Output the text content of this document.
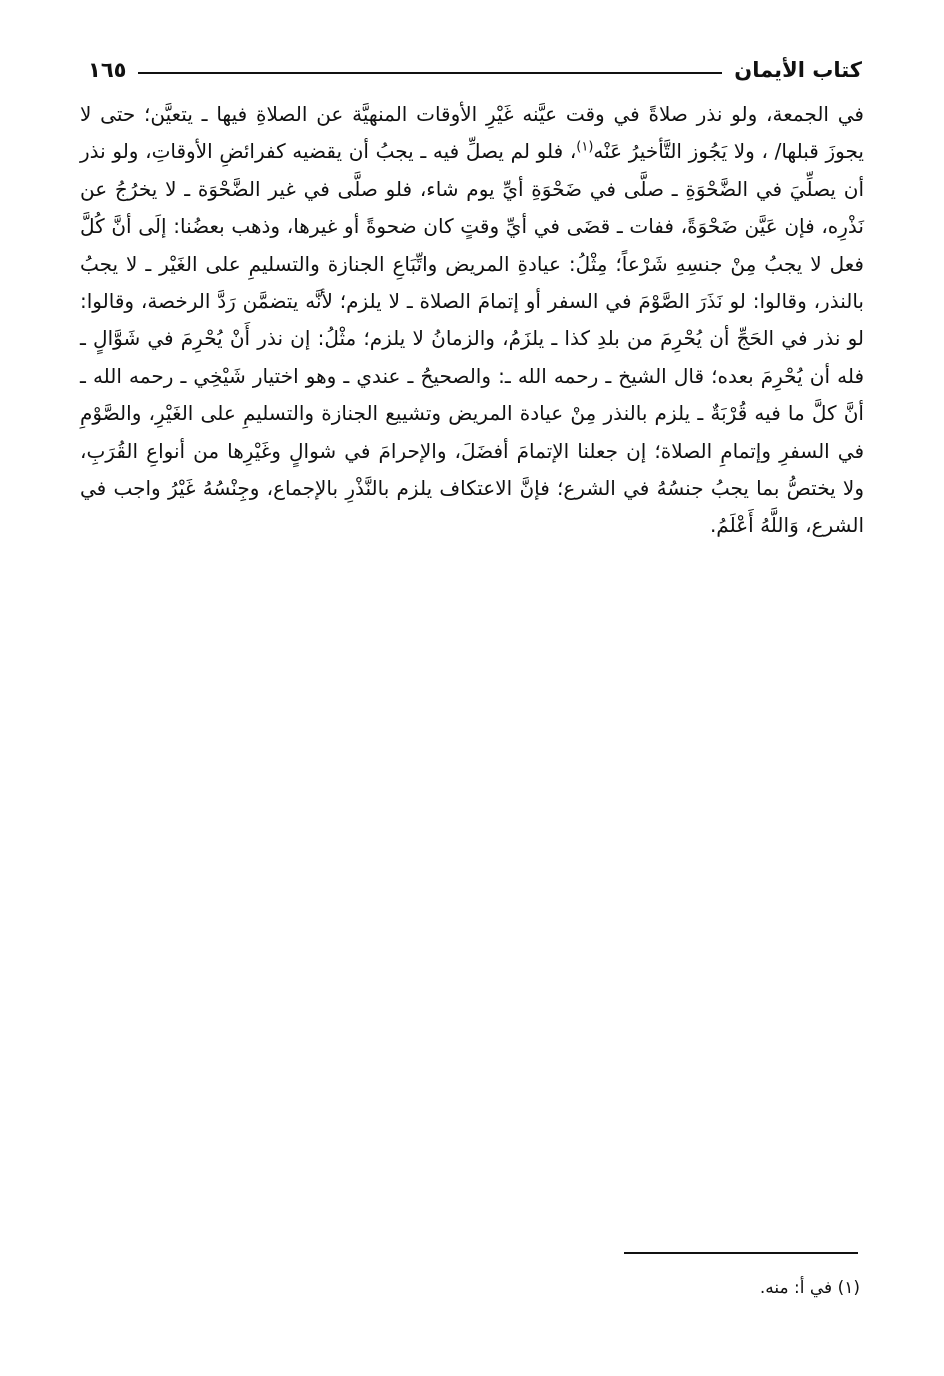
كتاب الأيمان
١٦٥

في الجمعة، ولو نذر صلاةً في وقت عيَّنه غَيْرِ الأوقات المنهيَّة عن الصلاةِ فيها ـ يتعيَّن؛ حتى لا يجوزَ قبلها/ ، ولا يَجُوز التَّأخيرُ عَنْه$^{(١)}$، فلو لم يصلِّ فيه ـ يجبُ أن يقضيه كفرائضِ الأوقاتِ، ولو نذر أن يصلِّيَ في الضَّحْوَةِ ـ صلَّى في ضَحْوَةِ أيِّ يوم شاء، فلو صلَّى في غير الضَّحْوَة ـ لا يخرُجُ عن نَذْرِه، فإن عَيَّن ضَحْوَةً، ففات ـ قضَى في أيِّ وقتٍ كان ضحوةً أو غيرها، وذهب بعضُنا: إلَى أنَّ كُلَّ فعل لا يجبُ مِنْ جنسِهِ شَرْعاً؛ مِثْلُ: عيادةِ المريض واتِّبَاعِ الجنازة والتسليمِ على الغَيْر ـ لا يجبُ بالنذر، وقالوا: لو نَذَرَ الصَّوْمَ في السفر أو إتمامَ الصلاة ـ لا يلزم؛ لأنَّه يتضمَّن رَدَّ الرخصة، وقالوا: لو نذر في الحَجِّ أن يُحْرِمَ من بلدِ كذا ـ يلزَمُ، والزمانُ لا يلزم؛ مثْلُ: إن نذر أَنْ يُحْرِمَ في شَوَّالٍ ـ فله أن يُحْرِمَ بعده؛ قال الشيخ ـ رحمه الله ـ: والصحيحُ ـ عندي ـ وهو اختيار شَيْخِي ـ رحمه الله ـ أنَّ كلَّ ما فيه قُرْبَةٌ ـ يلزم بالنذر مِنْ عيادة المريض وتشييع الجنازة والتسليمِ على الغَيْرِ، والصَّوْمِ في السفرِ وإتمامِ الصلاة؛ إن جعلنا الإتمامَ أفضَلَ، والإحرامَ في شوالٍ وغَيْرِها من أنواعِ القُرَبِ، ولا يختصُّ بما يجبُ جنسُهُ في الشرع؛ فإنَّ الاعتكاف يلزم بالنَّذْرِ بالإجماع، وجِنْسُهُ غَيْرُ واجب في الشرع، وَاللَّهُ أَعْلَمُ.

(١) في أ: منه.
